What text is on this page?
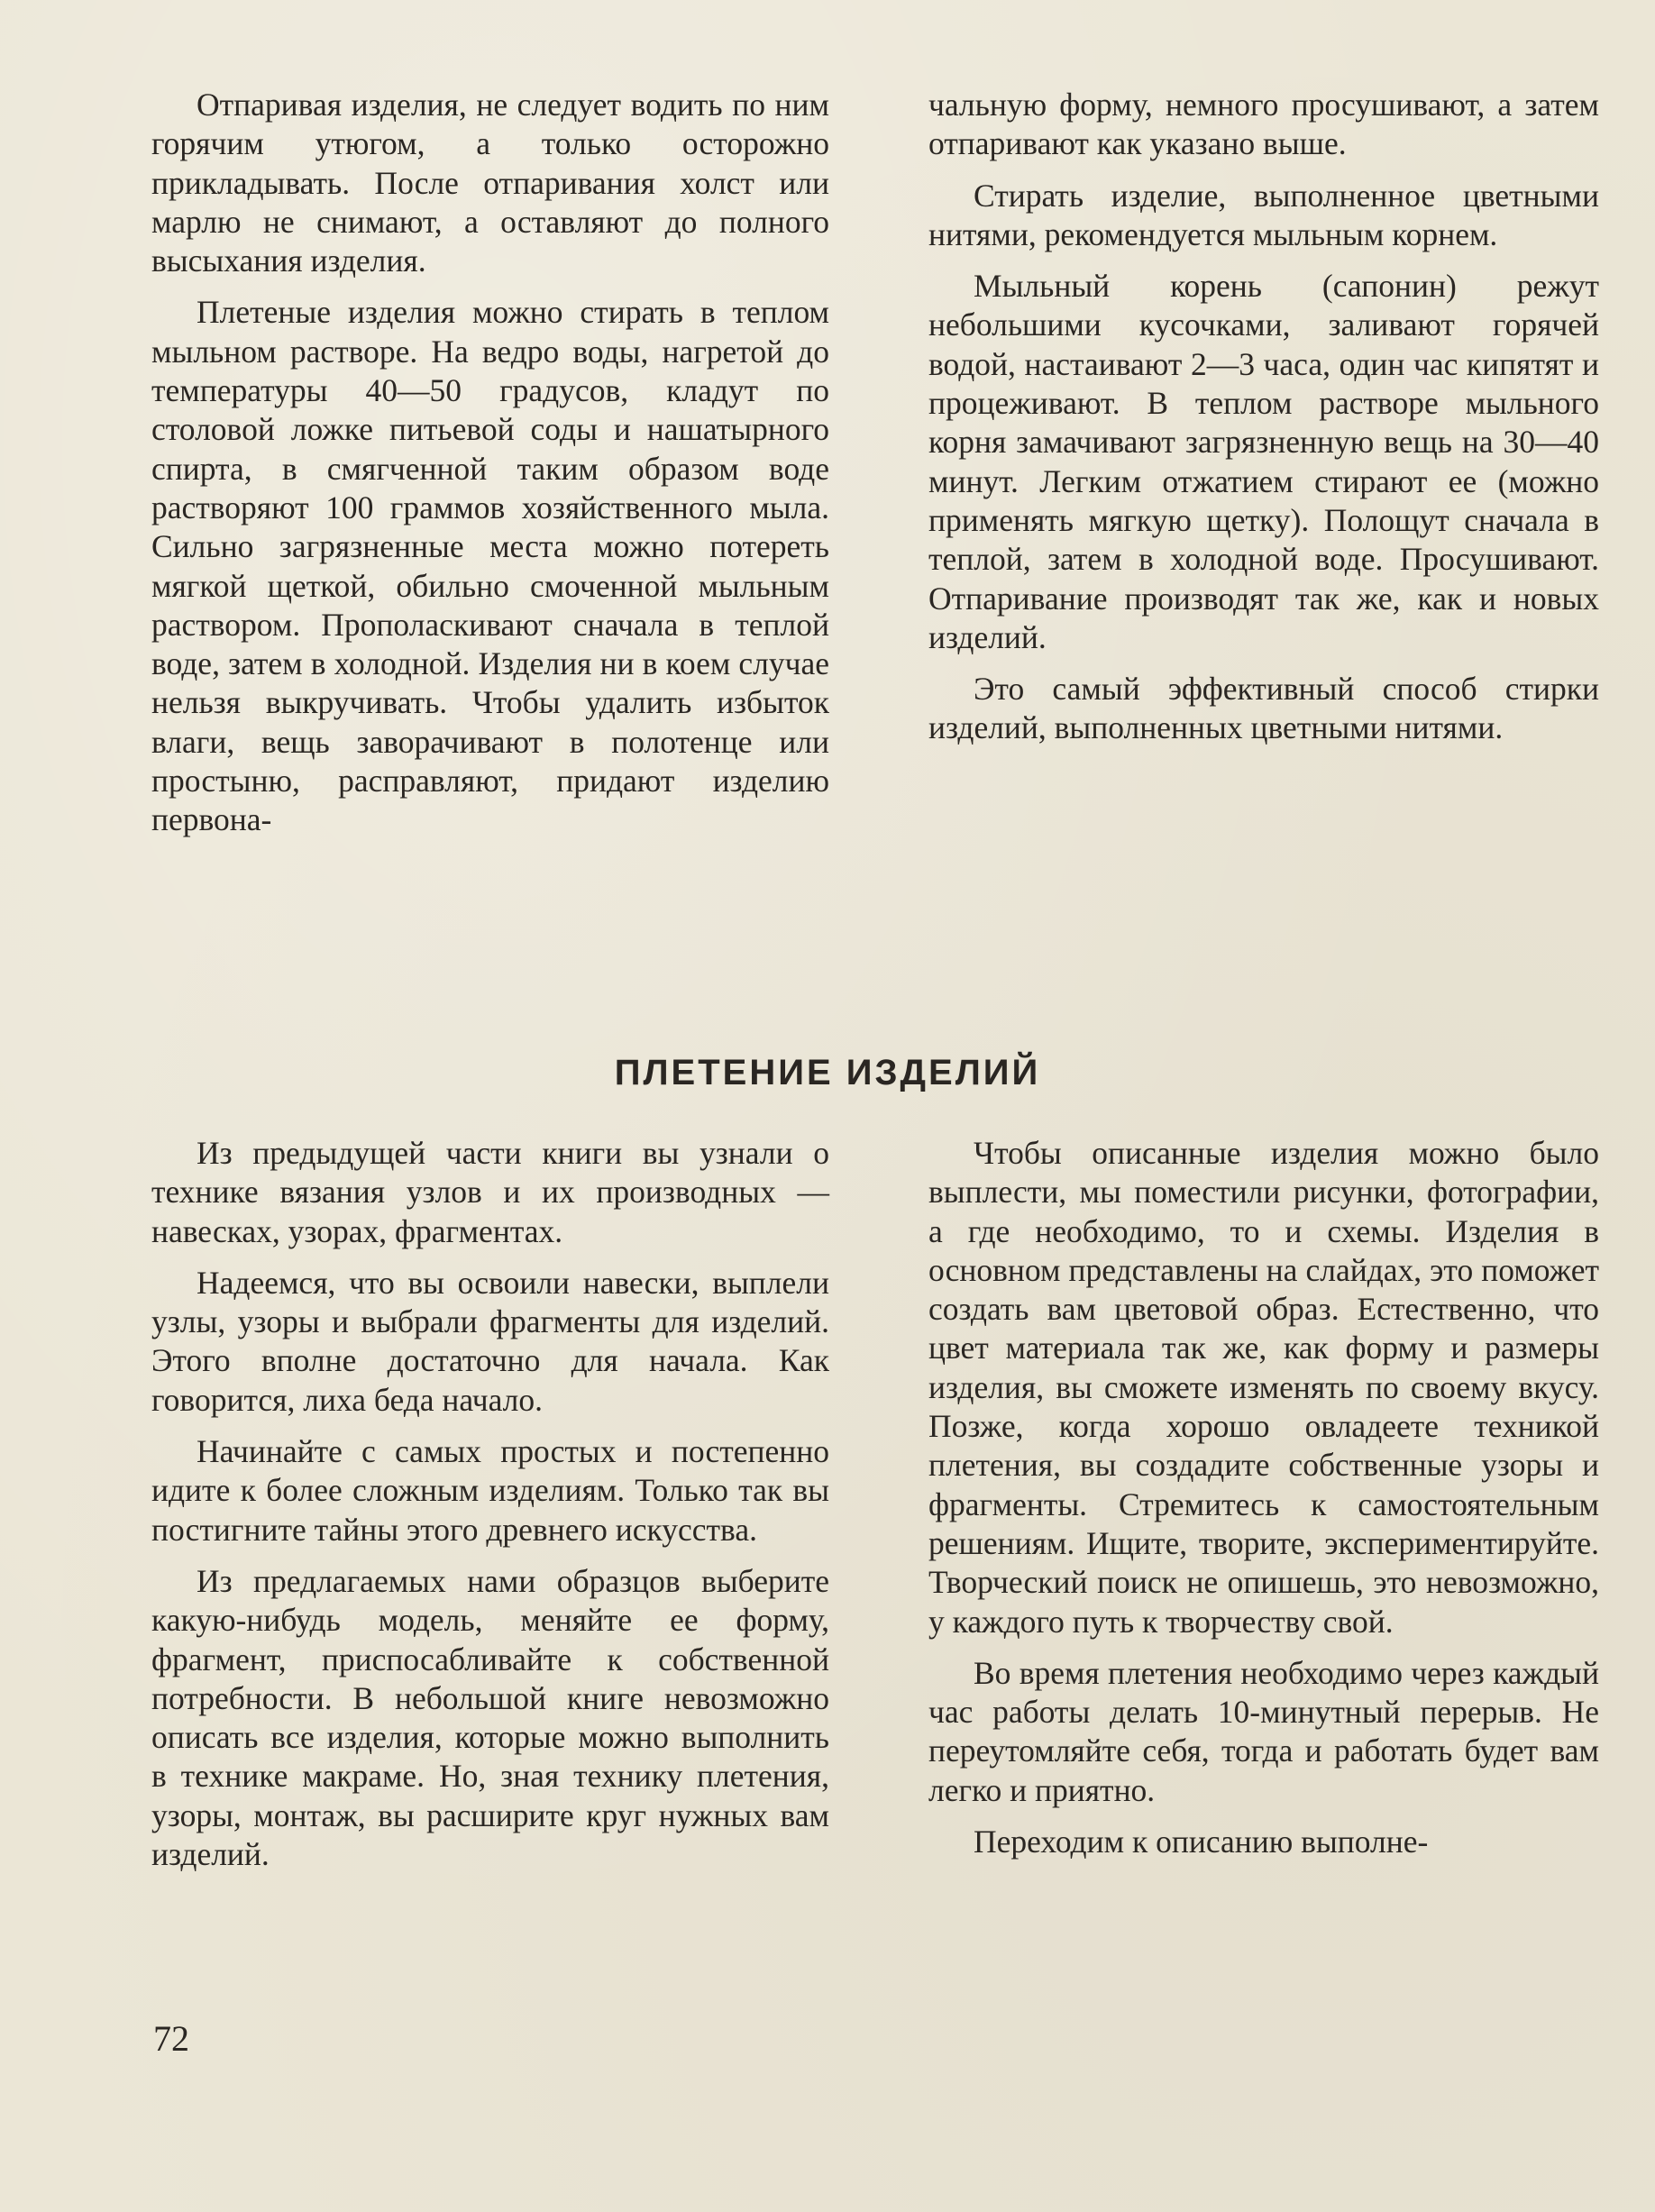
Отпаривая изделия, не следует водить по ним горячим утюгом, а только осторожно прикладывать. После отпаривания холст или марлю не снимают, а оставляют до полного высыхания изделия.

Плетеные изделия можно стирать в теплом мыльном растворе. На ведро воды, нагретой до температуры 40—50 градусов, кладут по столовой ложке питьевой соды и нашатырного спирта, в смягченной таким образом воде растворяют 100 граммов хозяйственного мыла. Сильно загрязненные места можно потереть мягкой щеткой, обильно смоченной мыльным раствором. Прополаскивают сначала в теплой воде, затем в холодной. Изделия ни в коем случае нельзя выкручивать. Чтобы удалить избыток влаги, вещь заворачивают в полотенце или простыню, расправляют, придают изделию первона-

чальную форму, немного просушивают, а затем отпаривают как указано выше.

Стирать изделие, выполненное цветными нитями, рекомендуется мыльным корнем.

Мыльный корень (сапонин) режут небольшими кусочками, заливают горячей водой, настаивают 2—3 часа, один час кипятят и процеживают. В теплом растворе мыльного корня замачивают загрязненную вещь на 30—40 минут. Легким отжатием стирают ее (можно применять мягкую щетку). Полощут сначала в теплой, затем в холодной воде. Просушивают. Отпаривание производят так же, как и новых изделий.

Это самый эффективный способ стирки изделий, выполненных цветными нитями.

ПЛЕТЕНИЕ ИЗДЕЛИЙ

Из предыдущей части книги вы узнали о технике вязания узлов и их производных — навесках, узорах, фрагментах.

Надеемся, что вы освоили навески, выплели узлы, узоры и выбрали фрагменты для изделий. Этого вполне достаточно для начала. Как говорится, лиха беда начало.

Начинайте с самых простых и постепенно идите к более сложным изделиям. Только так вы постигните тайны этого древнего искусства.

Из предлагаемых нами образцов выберите какую-нибудь модель, меняйте ее форму, фрагмент, приспосабливайте к собственной потребности. В небольшой книге невозможно описать все изделия, которые можно выполнить в технике макраме. Но, зная технику плетения, узоры, монтаж, вы расширите круг нужных вам изделий.

Чтобы описанные изделия можно было выплести, мы поместили рисунки, фотографии, а где необходимо, то и схемы. Изделия в основном представлены на слайдах, это поможет создать вам цветовой образ. Естественно, что цвет материала так же, как форму и размеры изделия, вы сможете изменять по своему вкусу. Позже, когда хорошо овладеете техникой плетения, вы создадите собственные узоры и фрагменты. Стремитесь к самостоятельным решениям. Ищите, творите, экспериментируйте. Творческий поиск не опишешь, это невозможно, у каждого путь к творчеству свой.

Во время плетения необходимо через каждый час работы делать 10-минутный перерыв. Не переутомляйте себя, тогда и работать будет вам легко и приятно.

Переходим к описанию выполне-

72
